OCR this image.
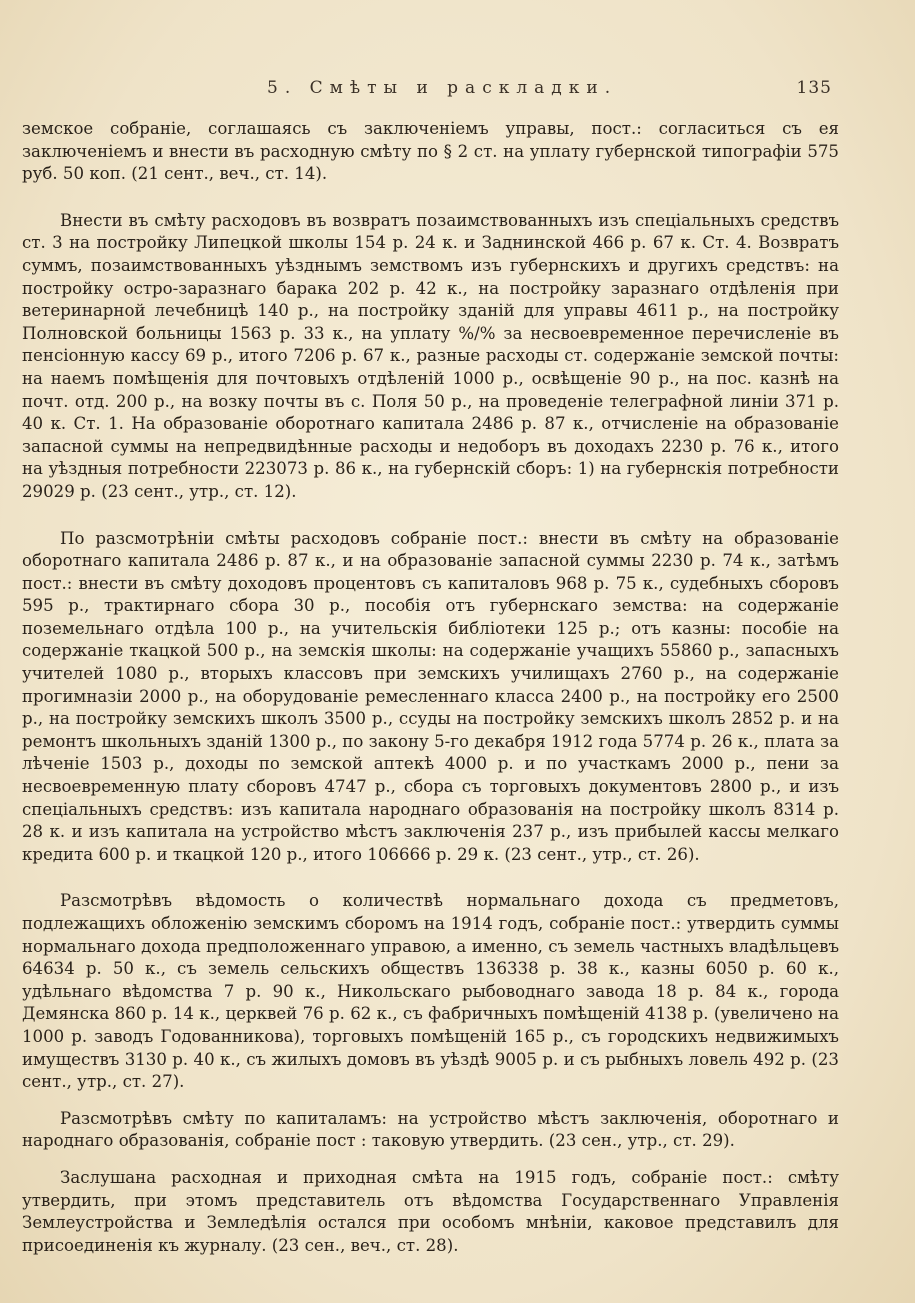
5. Смѣты и раскладки.	135

земское собраніе, соглашаясь съ заключеніемъ управы, пост.: согласиться съ ея заключеніемъ и внести въ расходную смѣту по § 2 ст. на уплату губернской типографіи 575 руб. 50 коп. (21 сент., веч., ст. 14).

Внести въ смѣту расходовъ въ возвратъ позаимствованныхъ изъ спеціальныхъ средствъ ст. 3 на постройку Липецкой школы 154 р. 24 к. и Заднинской 466 р. 67 к. Ст. 4. Возвратъ суммъ, позаимствованныхъ уѣзднымъ земствомъ изъ губернскихъ и другихъ средствъ: на постройку остро-заразнаго барака 202 р. 42 к., на постройку заразнаго отдѣленія при ветеринарной лечебницѣ 140 р., на постройку зданій для управы 4611 р., на постройку Полновской больницы 1563 р. 33 к., на уплату %/% за несвоевременное перечисленіе въ пенсіонную кассу 69 р., итого 7206 р. 67 к., разные расходы ст. содержаніе земской почты: на наемъ помѣщенія для почтовыхъ отдѣленій 1000 р., освѣщеніе 90 р., на пос. казнѣ на почт. отд. 200 р., на возку почты въ с. Поля 50 р., на проведеніе телеграфной линіи 371 р. 40 к. Ст. 1. На образованіе оборотнаго капитала 2486 р. 87 к., отчисленіе на образованіе запасной суммы на непредвидѣнные расходы и недоборъ въ доходахъ 2230 р. 76 к., итого на уѣздныя потребности 223073 р. 86 к., на губернскій сборъ: 1) на губернскія потребности 29029 р. (23 сент., утр., ст. 12).

По разсмотрѣніи смѣты расходовъ собраніе пост.: внести въ смѣту на образованіе оборотнаго капитала 2486 р. 87 к., и на образованіе запасной суммы 2230 р. 74 к., затѣмъ пост.: внести въ смѣту доходовъ процентовъ съ капиталовъ 968 р. 75 к., судебныхъ сборовъ 595 р., трактирнаго сбора 30 р., пособія отъ губернскаго земства: на содержаніе поземельнаго отдѣла 100 р., на учительскія библіотеки 125 р.; отъ казны: пособіе на содержаніе ткацкой 500 р., на земскія школы: на содержаніе учащихъ 55860 р., запасныхъ учителей 1080 р., вторыхъ классовъ при земскихъ училищахъ 2760 р., на содержаніе прогимназіи 2000 р., на оборудованіе ремесленнаго класса 2400 р., на постройку его 2500 р., на постройку земскихъ школъ 3500 р., ссуды на постройку земскихъ школъ 2852 р. и на ремонтъ школьныхъ зданій 1300 р., по закону 5-го декабря 1912 года 5774 р. 26 к., плата за лѣченіе 1503 р., доходы по земской аптекѣ 4000 р. и по участкамъ 2000 р., пени за несвоевременную плату сборовъ 4747 р., сбора съ торговыхъ документовъ 2800 р., и изъ спеціальныхъ средствъ: изъ капитала народнаго образованія на постройку школъ 8314 р. 28 к. и изъ капитала на устройство мѣстъ заключенія 237 р., изъ прибылей кассы мелкаго кредита 600 р. и ткацкой 120 р., итого 106666 р. 29 к. (23 сент., утр., ст. 26).

Разсмотрѣвъ вѣдомость о количествѣ нормальнаго дохода съ предметовъ, подлежащихъ обложенію земскимъ сборомъ на 1914 годъ, собраніе пост.: утвердить суммы нормальнаго дохода предположеннаго управою, а именно, съ земель частныхъ владѣльцевъ 64634 р. 50 к., съ земель сельскихъ обществъ 136338 р. 38 к., казны 6050 р. 60 к., удѣльнаго вѣдомства 7 р. 90 к., Никольскаго рыбоводнаго завода 18 р. 84 к., города Демянска 860 р. 14 к., церквей 76 р. 62 к., съ фабричныхъ помѣщеній 4138 р. (увеличено на 1000 р. заводъ Годованникова), торговыхъ помѣщеній 165 р., съ городскихъ недвижимыхъ имуществъ 3130 р. 40 к., съ жилыхъ домовъ въ уѣздѣ 9005 р. и съ рыбныхъ ловель 492 р. (23 сент., утр., ст. 27).

Разсмотрѣвъ смѣту по капиталамъ: на устройство мѣстъ заключенія, оборотнаго и народнаго образованія, собраніе пост : таковую утвердить. (23 сен., утр., ст. 29).

Заслушана расходная и приходная смѣта на 1915 годъ, собраніе пост.: смѣту утвердить, при этомъ представитель отъ вѣдомства Государственнаго Управленія Землеустройства и Земледѣлія остался при особомъ мнѣніи, каковое представилъ для присоединенія къ журналу. (23 сен., веч., ст. 28).
